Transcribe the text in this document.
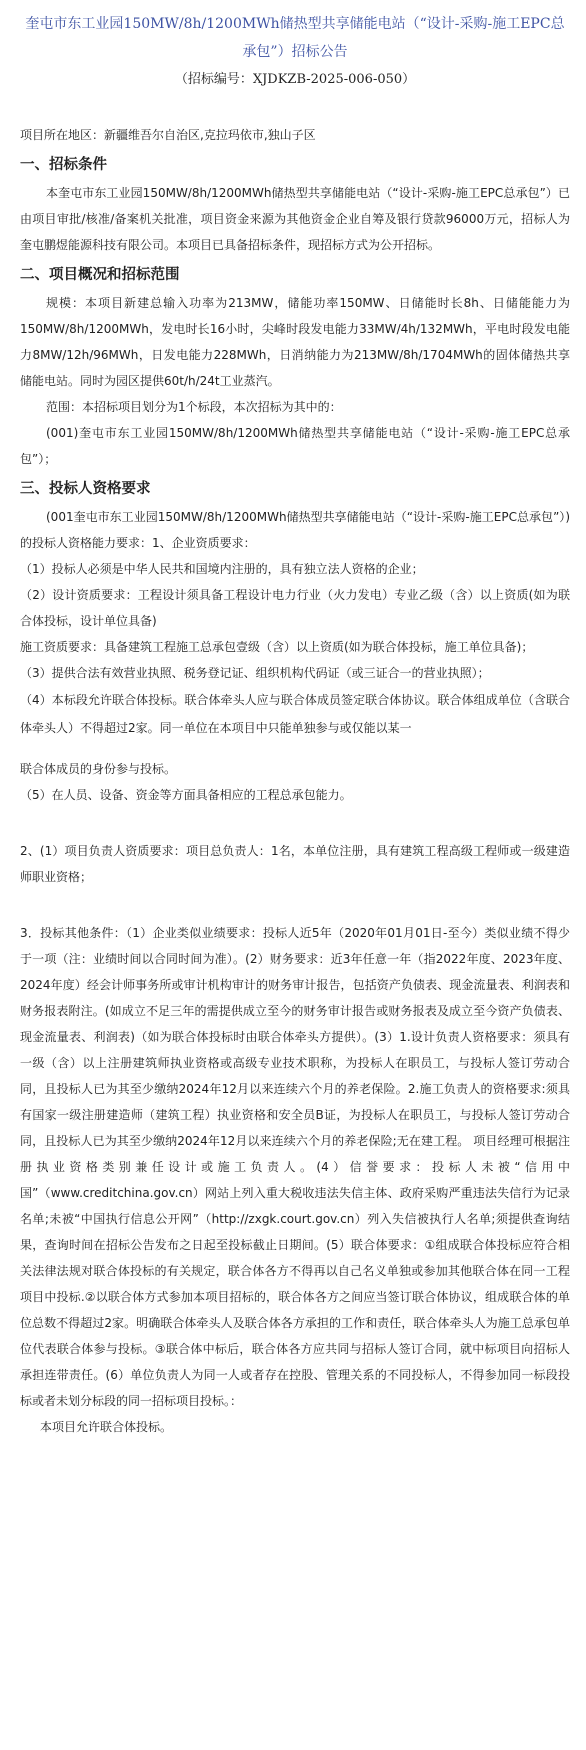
奎屯市东工业园150MW/8h/1200MWh储热型共享储能电站（“设计-采购-施工EPC总承包”）招标公告
（招标编号：XJDKZB-2025-006-050）
项目所在地区：新疆维吾尔自治区,克拉玛依市,独山子区
一、招标条件

本奎屯市东工业园150MW/8h/1200MWh储热型共享储能电站（“设计-采购-施工EPC总承包”）已由项目审批/核准/备案机关批准，项目资金来源为其他资金企业自筹及银行贷款96000万元，招标人为奎屯鹏煜能源科技有限公司。本项目已具备招标条件，现招标方式为公开招标。

二、项目概况和招标范围

规模：本项目新建总输入功率为213MW，储能功率150MW、日储能时长8h、日储能能力为150MW/8h/1200MWh，发电时长16小时，尖峰时段发电能力33MW/4h/132MWh，平电时段发电能力8MW/12h/96MWh，日发电能力228MWh，日消纳能力为213MW/8h/1704MWh的固体储热共享储能电站。同时为园区提供60t/h/24t工业蒸汽。

范围：本招标项目划分为1个标段，本次招标为其中的：

(001)奎屯市东工业园150MW/8h/1200MWh储热型共享储能电站（“设计-采购-施工EPC总承包”）；

三、投标人资格要求

(001奎屯市东工业园150MW/8h/1200MWh储热型共享储能电站（“设计-采购-施工EPC总承包”）)的投标人资格能力要求：1、企业资质要求：

（1）投标人必须是中华人民共和国境内注册的，具有独立法人资格的企业；

（2）设计资质要求：工程设计须具备工程设计电力行业（火力发电）专业乙级（含）以上资质(如为联合体投标，设计单位具备)

施工资质要求：具备建筑工程施工总承包壹级（含）以上资质(如为联合体投标，施工单位具备)；

（3）提供合法有效营业执照、税务登记证、组织机构代码证（或三证合一的营业执照）；

（4）本标段允许联合体投标。联合体牵头人应与联合体成员签定联合体协议。联合体组成单位（含联合体牵头人）不得超过2家。同一单位在本项目中只能单独参与或仅能以某一

联合体成员的身份参与投标。

（5）在人员、设备、资金等方面具备相应的工程总承包能力。

2、(1）项目负责人资质要求：项目总负责人：1名，本单位注册，具有建筑工程高级工程师或一级建造师职业资格；

3．投标其他条件：（1）企业类似业绩要求：投标人近5年（2020年01月01日-至今）类似业绩不得少于一项（注：业绩时间以合同时间为准）。(2）财务要求：近3年任意一年（指2022年度、2023年度、2024年度）经会计师事务所或审计机构审计的财务审计报告，包括资产负债表、现金流量表、利润表和财务报表附注。(如成立不足三年的需提供成立至今的财务审计报告或财务报表及成立至今资产负债表、现金流量表、利润表)（如为联合体投标时由联合体牵头方提供）。(3）1.设计负责人资格要求：须具有一级（含）以上注册建筑师执业资格或高级专业技术职称，为投标人在职员工，与投标人签订劳动合同，且投标人已为其至少缴纳2024年12月以来连续六个月的养老保险。2.施工负责人的资格要求:须具有国家一级注册建造师（建筑工程）执业资格和安全员B证，为投标人在职员工，与投标人签订劳动合同，且投标人已为其至少缴纳2024年12月以来连续六个月的养老保险;无在建工程。 项目经理可根据注册执业资格类别兼任设计或施工负责人。(4）信誉要求：投标人未被“信用中国”（www.creditchina.gov.cn）网站上列入重大税收违法失信主体、政府采购严重违法失信行为记录名单;未被“中国执行信息公开网”（http://zxgk.court.gov.cn）列入失信被执行人名单;须提供查询结果，查询时间在招标公告发布之日起至投标截止日期间。(5）联合体要求：①组成联合体投标应符合相关法律法规对联合体投标的有关规定，联合体各方不得再以自己名义单独或参加其他联合体在同一工程项目中投标.②以联合体方式参加本项目招标的，联合体各方之间应当签订联合体协议，组成联合体的单位总数不得超过2家。明确联合体牵头人及联合体各方承担的工作和责任，联合体牵头人为施工总承包单位代表联合体参与投标。③联合体中标后，联合体各方应共同与招标人签订合同，就中标项目向招标人承担连带责任。(6）单位负责人为同一人或者存在控股、管理关系的不同投标人，不得参加同一标段投标或者未划分标段的同一招标项目投标。：

本项目允许联合体投标。
